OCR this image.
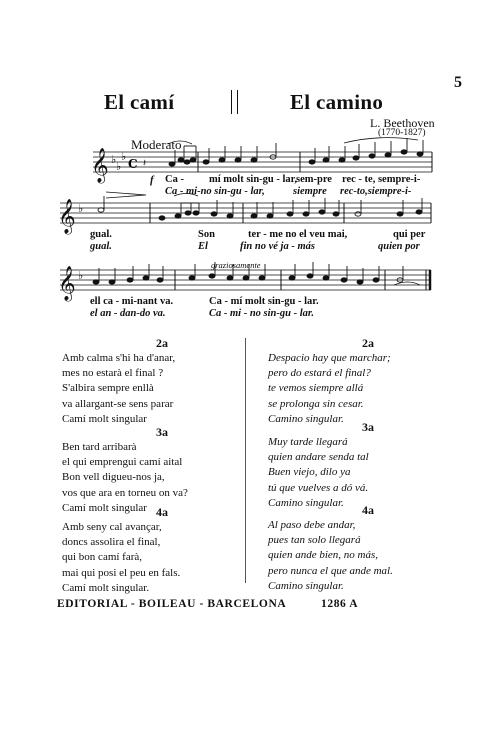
5
El camí	El camino
L. Beethoven
(1770-1827)
Moderato
graziosamente
𝄞
𝄞
𝄞
♭
♭
♭
♭
♭
C 𝄽
f Ca - mí molt sin-gu - lar, sem-pre rec - te, sempre-i-
Ca - mi-no sin-gu - lar,	siempre rec-to,siempre-i-
gual.	Son	ter - me no el veu mai,	qui per
gual.	El	fin no vé ja - más	quien por
ell ca - mi-nant va.	Ca - mí molt sin-gu - lar.
el an - dan-do va.	Ca - mi - no sin-gu - lar.
2a
Amb calma s'hi ha d'anar,
mes no estarà el final ?
S'albira sempre enllà
va allargant-se sens parar
Camí molt singular
3a
Ben tard arribarà
el qui emprengui camí aital
Bon vell digueu-nos ja,
vos que ara en torneu on va?
Camí molt singular 4a
Amb seny cal avançar,
doncs assolira el final,
qui bon camí farà,
mai qui posi el peu en fals.
Camí molt singular.
2a
Despacio hay que marchar;
pero do estará el final?
te vemos siempre allá
se prolonga sin cesar.
Camino singular.
3a
Muy tarde llegará
quien andare senda tal
Buen viejo, dilo ya
tú que vuelves a dó vá.
Camino singular.
4a
Al paso debe andar,
pues tan solo llegará
quien ande bien, no más,
pero nunca el que ande mal.
Camino singular.
EDITORIAL - BOILEAU - BARCELONA	1286 A
